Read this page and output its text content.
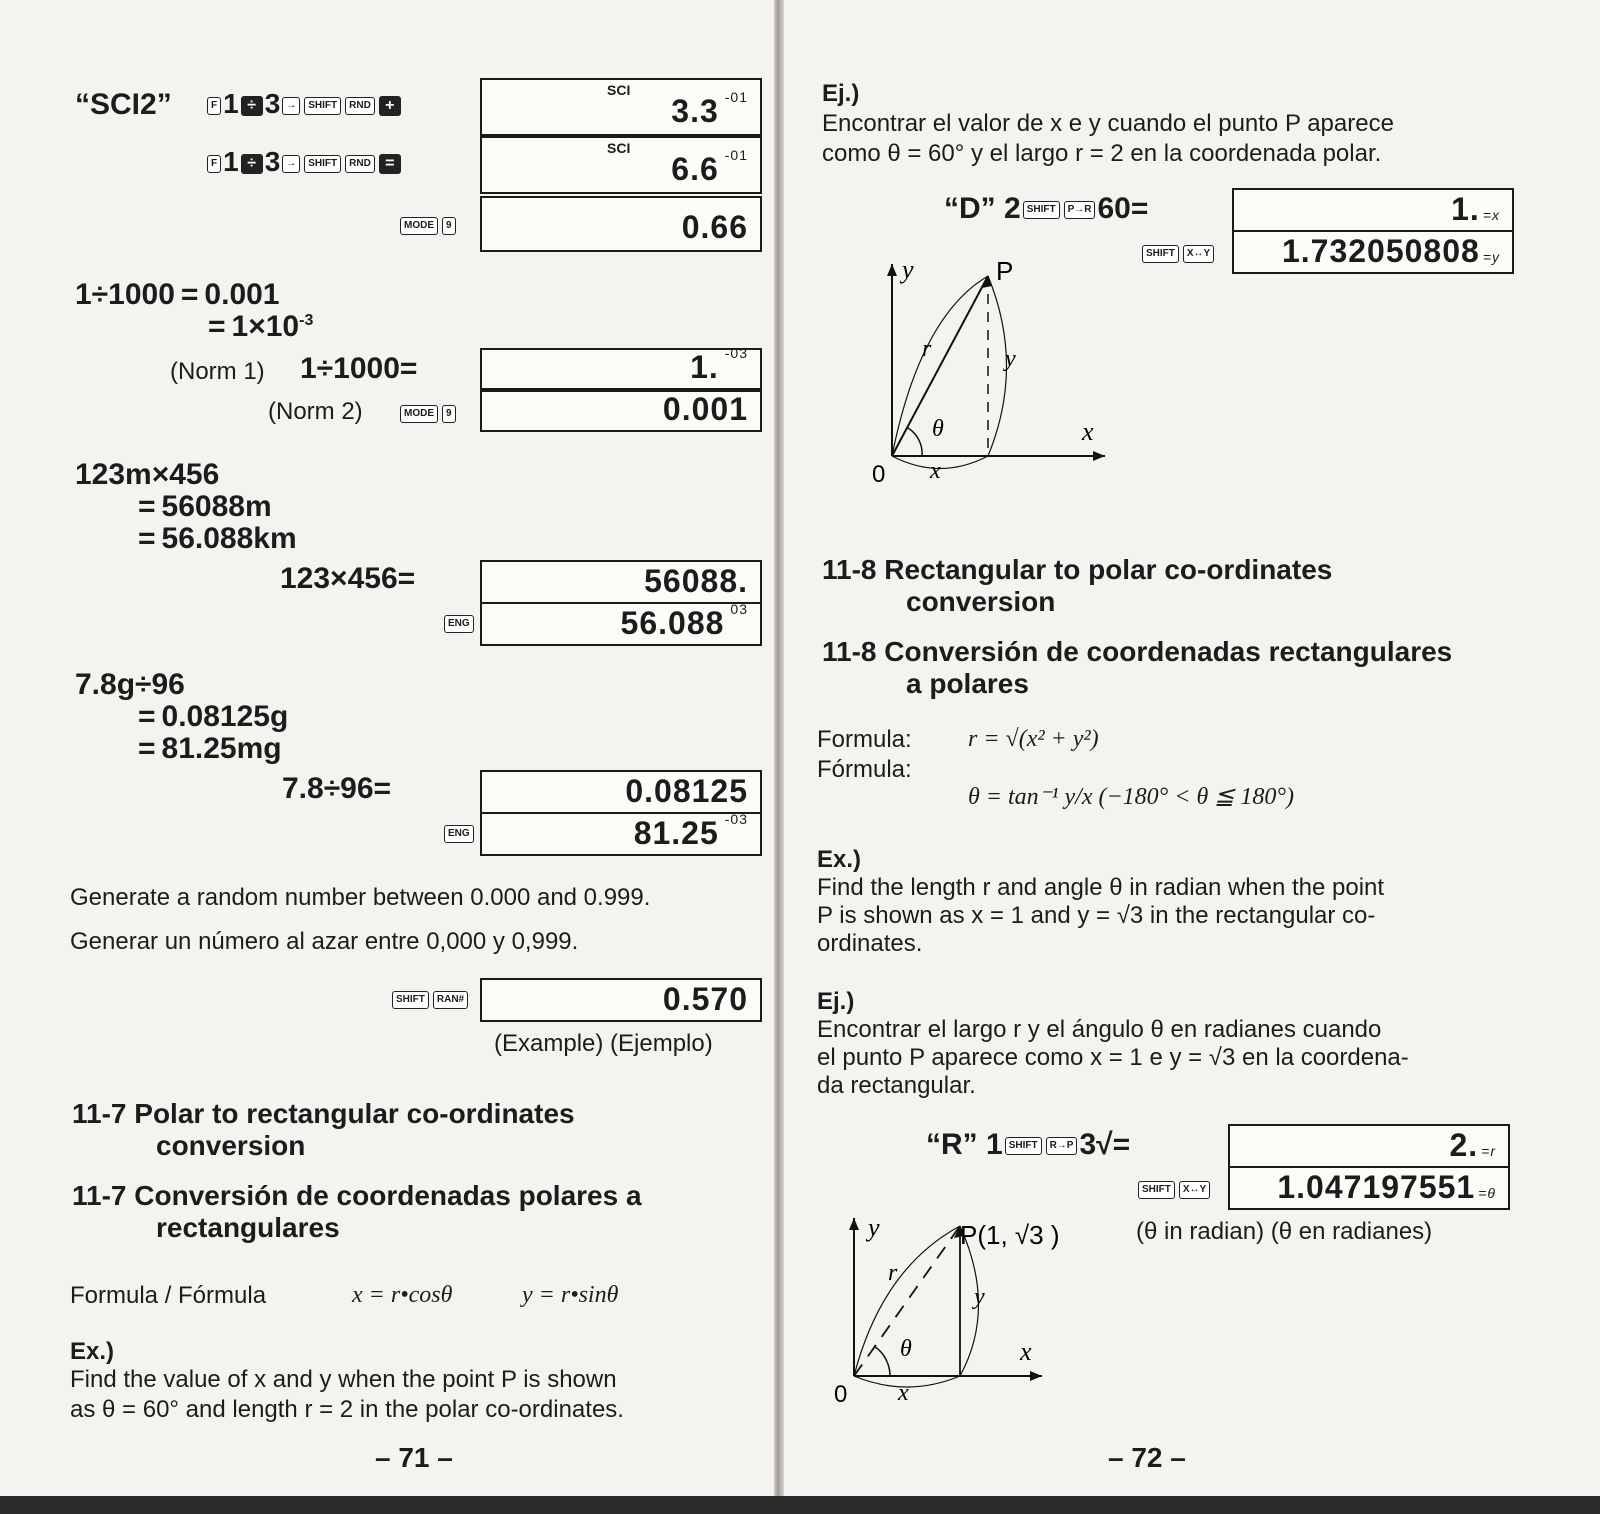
“SCI2”	F 1 ÷ 3 → SHIFT RND +
SCI
3.3 $^{-01}$
F 1 ÷ 3 → SHIFT RND =
SCI
6.6 $^{-01}$
MODE 9	0.66
1÷1000 = 0.001
= $1\times 10^{-3}$
(Norm 1) 1÷1000=	1. $^{-03}$
(Norm 2)	MODE 9	0.001
123m×456
= 56088m
= 56.088km
123×456=	56088.
ENG	56.088 $^{03}$
7.8g÷96
= 0.08125g
= 81.25mg
7.8÷96=	0.08125
ENG	81.25 $^{-03}$
Generate a random number between 0.000 and 0.999.
Generar un número al azar entre 0,000 y 0,999.
SHIFT RAN#	0.570
(Example) (Ejemplo)
11-7 Polar to rectangular co-ordinates
conversion
11-7 Conversión de coordenadas polares a
rectangulares
Formula / Fórmula	x = r•cosθ	y = r•sinθ
Ex.)
Find the value of x and y when the point P is shown
as θ = 60° and length r = 2 in the polar co-ordinates.
– 71 –
Ej.)
Encontrar el valor de x e y cuando el punto P aparece
como θ = 60° y el largo r = 2 en la coordenada polar.
“D” 2 SHIFT P→R 60=	1. =x
SHIFT X↔Y 1.732050808 =y
y
x
P
r	y
θ
x
0
11-8 Rectangular to polar co-ordinates
conversion
11-8 Conversión de coordenadas rectangulares
a polares
Formula:
Fórmula:
r = √(x² + y²)
θ = tan⁻¹ y/x (−180° < θ ≦ 180°)
Ex.)
Find the length r and angle θ in radian when the point
P is shown as x = 1 and y = √3 in the rectangular co-
ordinates.
Ej.)
Encontrar el largo r y el ángulo θ en radianes cuando
el punto P aparece como x = 1 e y = √3 en la coordena-
da rectangular.
“R” 1 SHIFT R→P 3√=	2. =r
SHIFT X↔Y 1.047197551 =θ
(θ in radian) (θ en radianes)
y
x
P(1, √3 )
r
y
θ
x
0
– 72 –
